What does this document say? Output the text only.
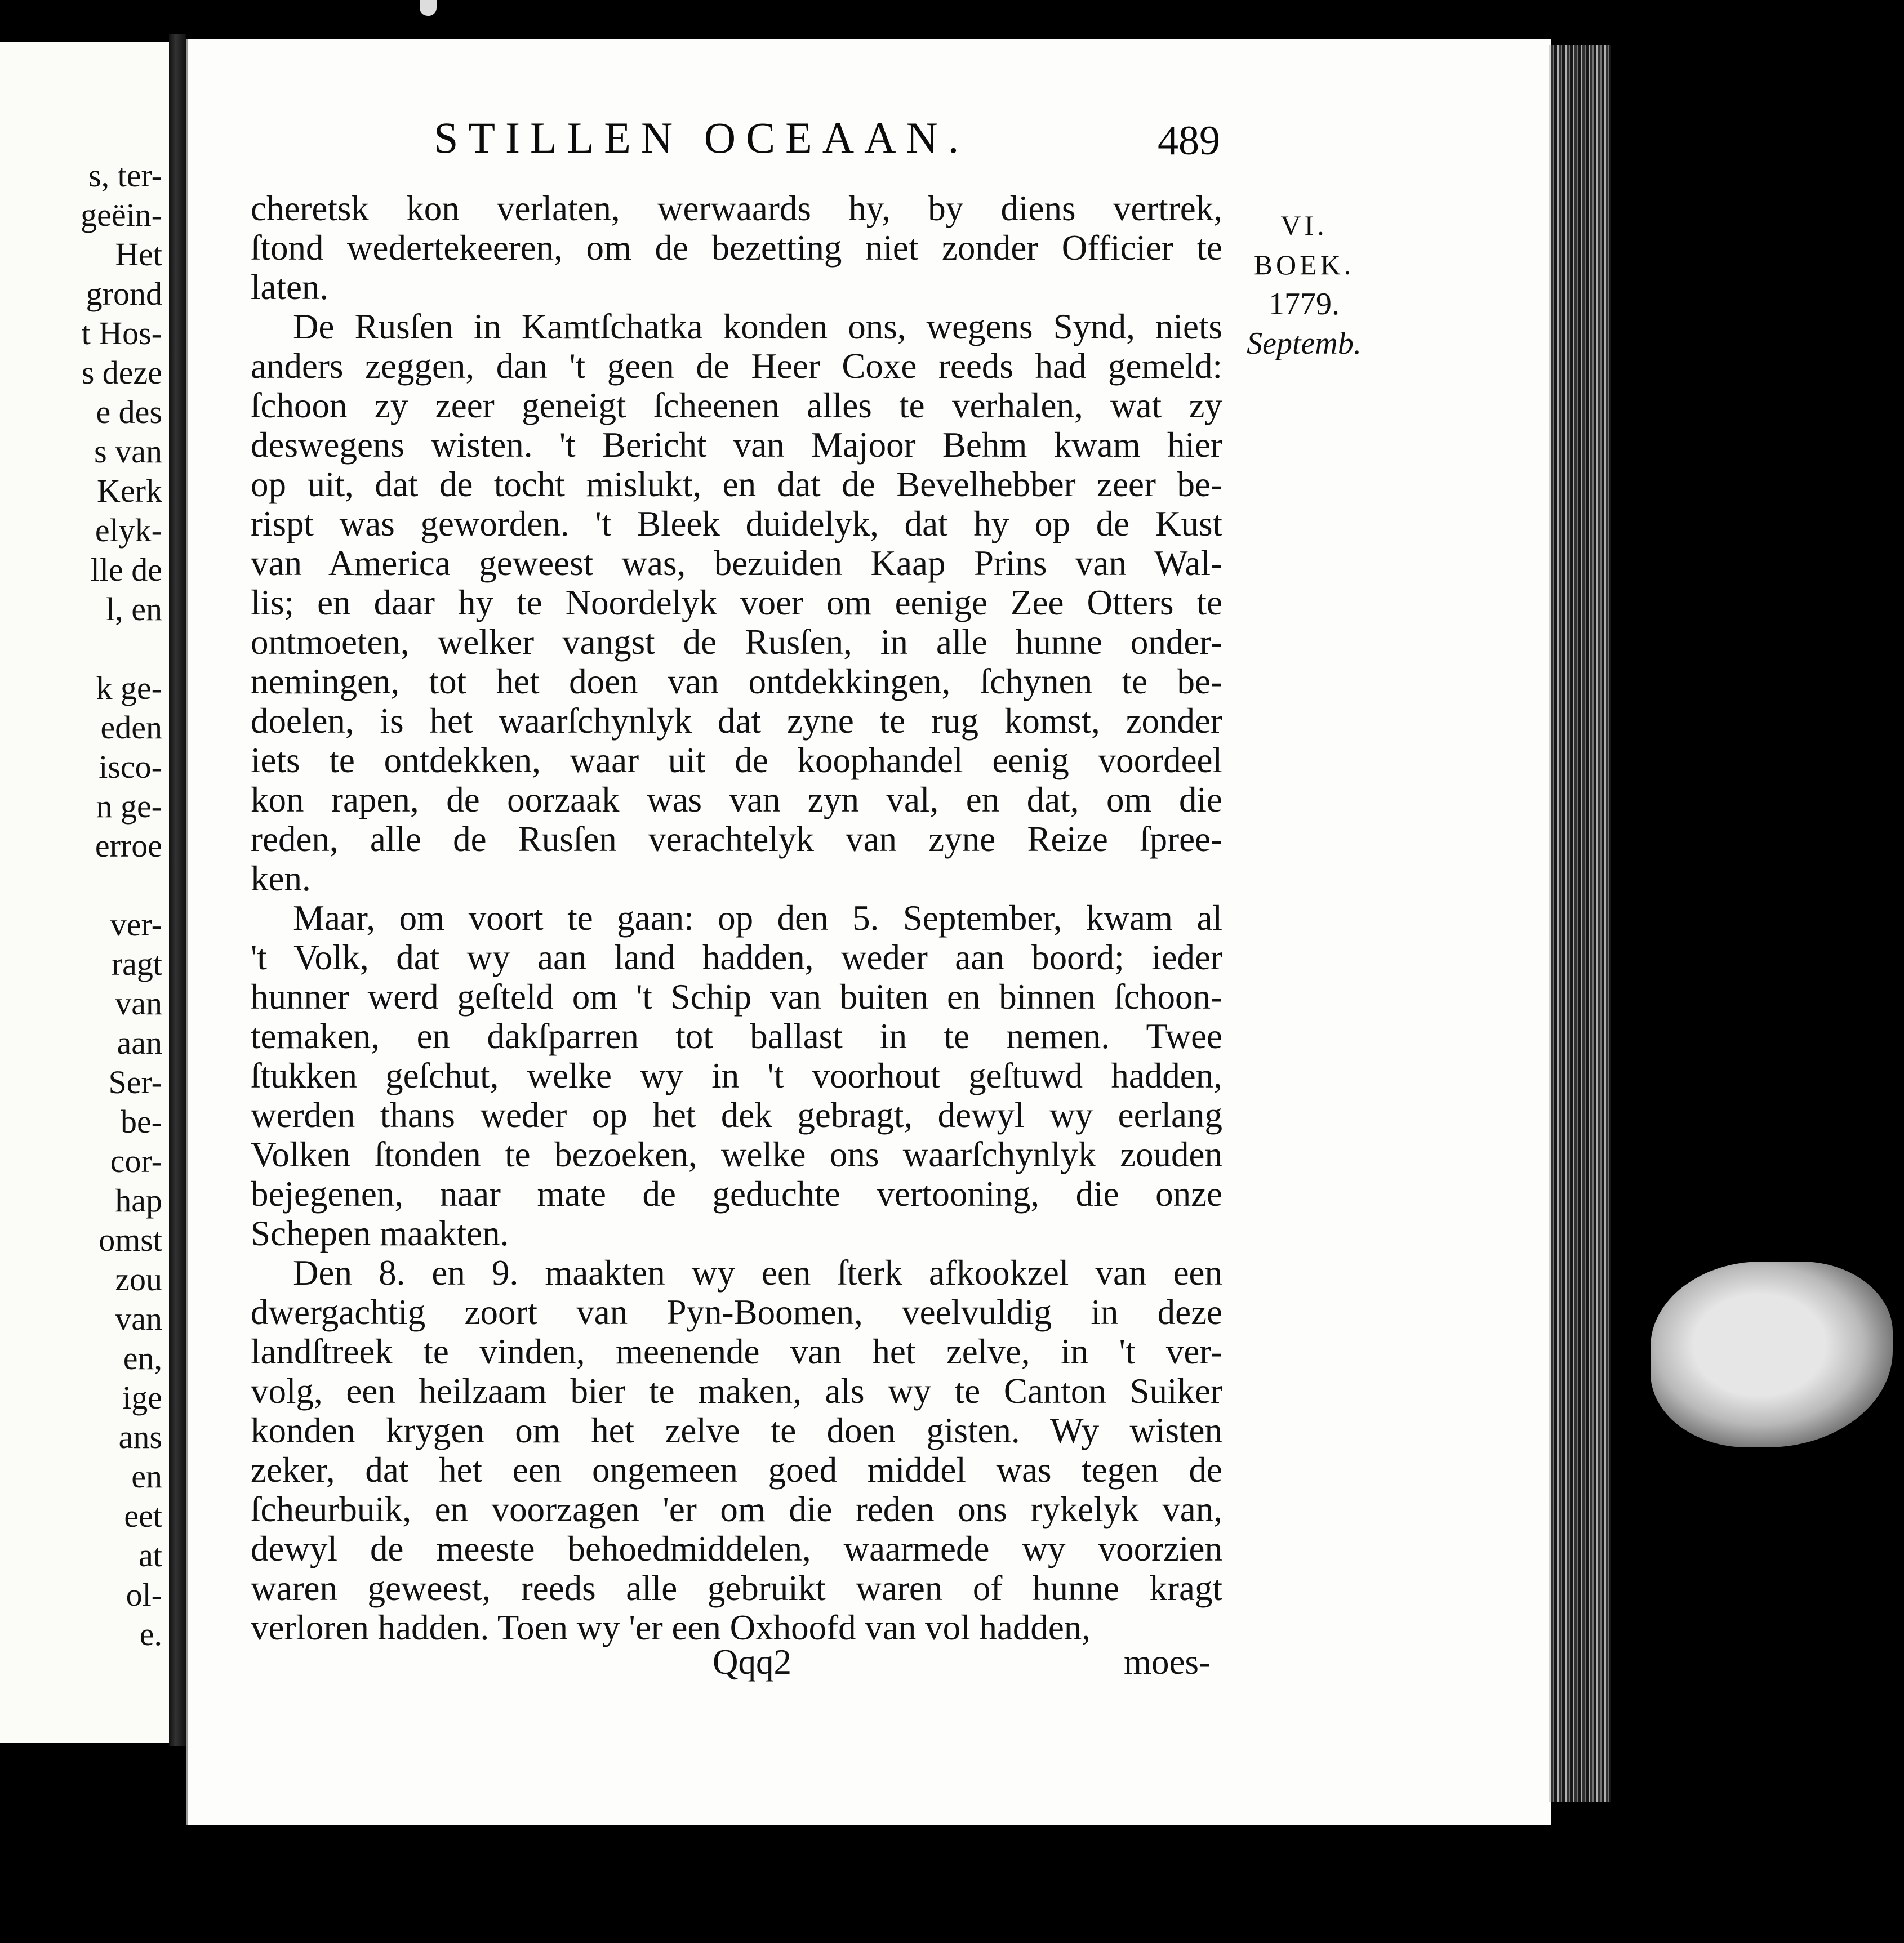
s, ter-
geëin-
Het
grond
t Hos-
s deze
e des
s van
Kerk
elyk-
lle de
l, en
k ge-
eden
isco-
n ge-
erroe
ver-
ragt
van
aan
Ser-
be-
cor-
hap
omst
zou
van
en,
ige
ans
en
eet
at
ol-
e.
STILLEN OCEAAN.	489
cheretsk kon verlaten, werwaards hy, by diens vertrek,
ſtond wedertekeeren, om de bezetting niet zonder Officier te
laten.
De Rusſen in Kamtſchatka konden ons, wegens Synd, niets
anders zeggen, dan 't geen de Heer Coxe reeds had gemeld:
ſchoon zy zeer geneigt ſcheenen alles te verhalen, wat zy
deswegens wisten. 't Bericht van Majoor Behm kwam hier
op uit, dat de tocht mislukt, en dat de Bevelhebber zeer be-
rispt was geworden. 't Bleek duidelyk, dat hy op de Kust
van America geweest was, bezuiden Kaap Prins van Wal-
lis; en daar hy te Noordelyk voer om eenige Zee Otters te
ontmoeten, welker vangst de Rusſen, in alle hunne onder-
nemingen, tot het doen van ontdekkingen, ſchynen te be-
doelen, is het waarſchynlyk dat zyne te rug komst, zonder
iets te ontdekken, waar uit de koophandel eenig voordeel
kon rapen, de oorzaak was van zyn val, en dat, om die
reden, alle de Rusſen verachtelyk van zyne Reize ſpree-
ken.
Maar, om voort te gaan: op den 5. September, kwam al
't Volk, dat wy aan land hadden, weder aan boord; ieder
hunner werd geſteld om 't Schip van buiten en binnen ſchoon-
temaken, en dakſparren tot ballast in te nemen. Twee
ſtukken geſchut, welke wy in 't voorhout geſtuwd hadden,
werden thans weder op het dek gebragt, dewyl wy eerlang
Volken ſtonden te bezoeken, welke ons waarſchynlyk zouden
bejegenen, naar mate de geduchte vertooning, die onze
Schepen maakten.
Den 8. en 9. maakten wy een ſterk afkookzel van een
dwergachtig zoort van Pyn-Boomen, veelvuldig in deze
landſtreek te vinden, meenende van het zelve, in 't ver-
volg, een heilzaam bier te maken, als wy te Canton Suiker
konden krygen om het zelve te doen gisten. Wy wisten
zeker, dat het een ongemeen goed middel was tegen de
ſcheurbuik, en voorzagen 'er om die reden ons rykelyk van,
dewyl de meeste behoedmiddelen, waarmede wy voorzien
waren geweest, reeds alle gebruikt waren of hunne kragt
verloren hadden. Toen wy 'er een Oxhoofd van vol hadden,
VI.
BOEK.
1779.
Septemb.
Qqq2	moes-
